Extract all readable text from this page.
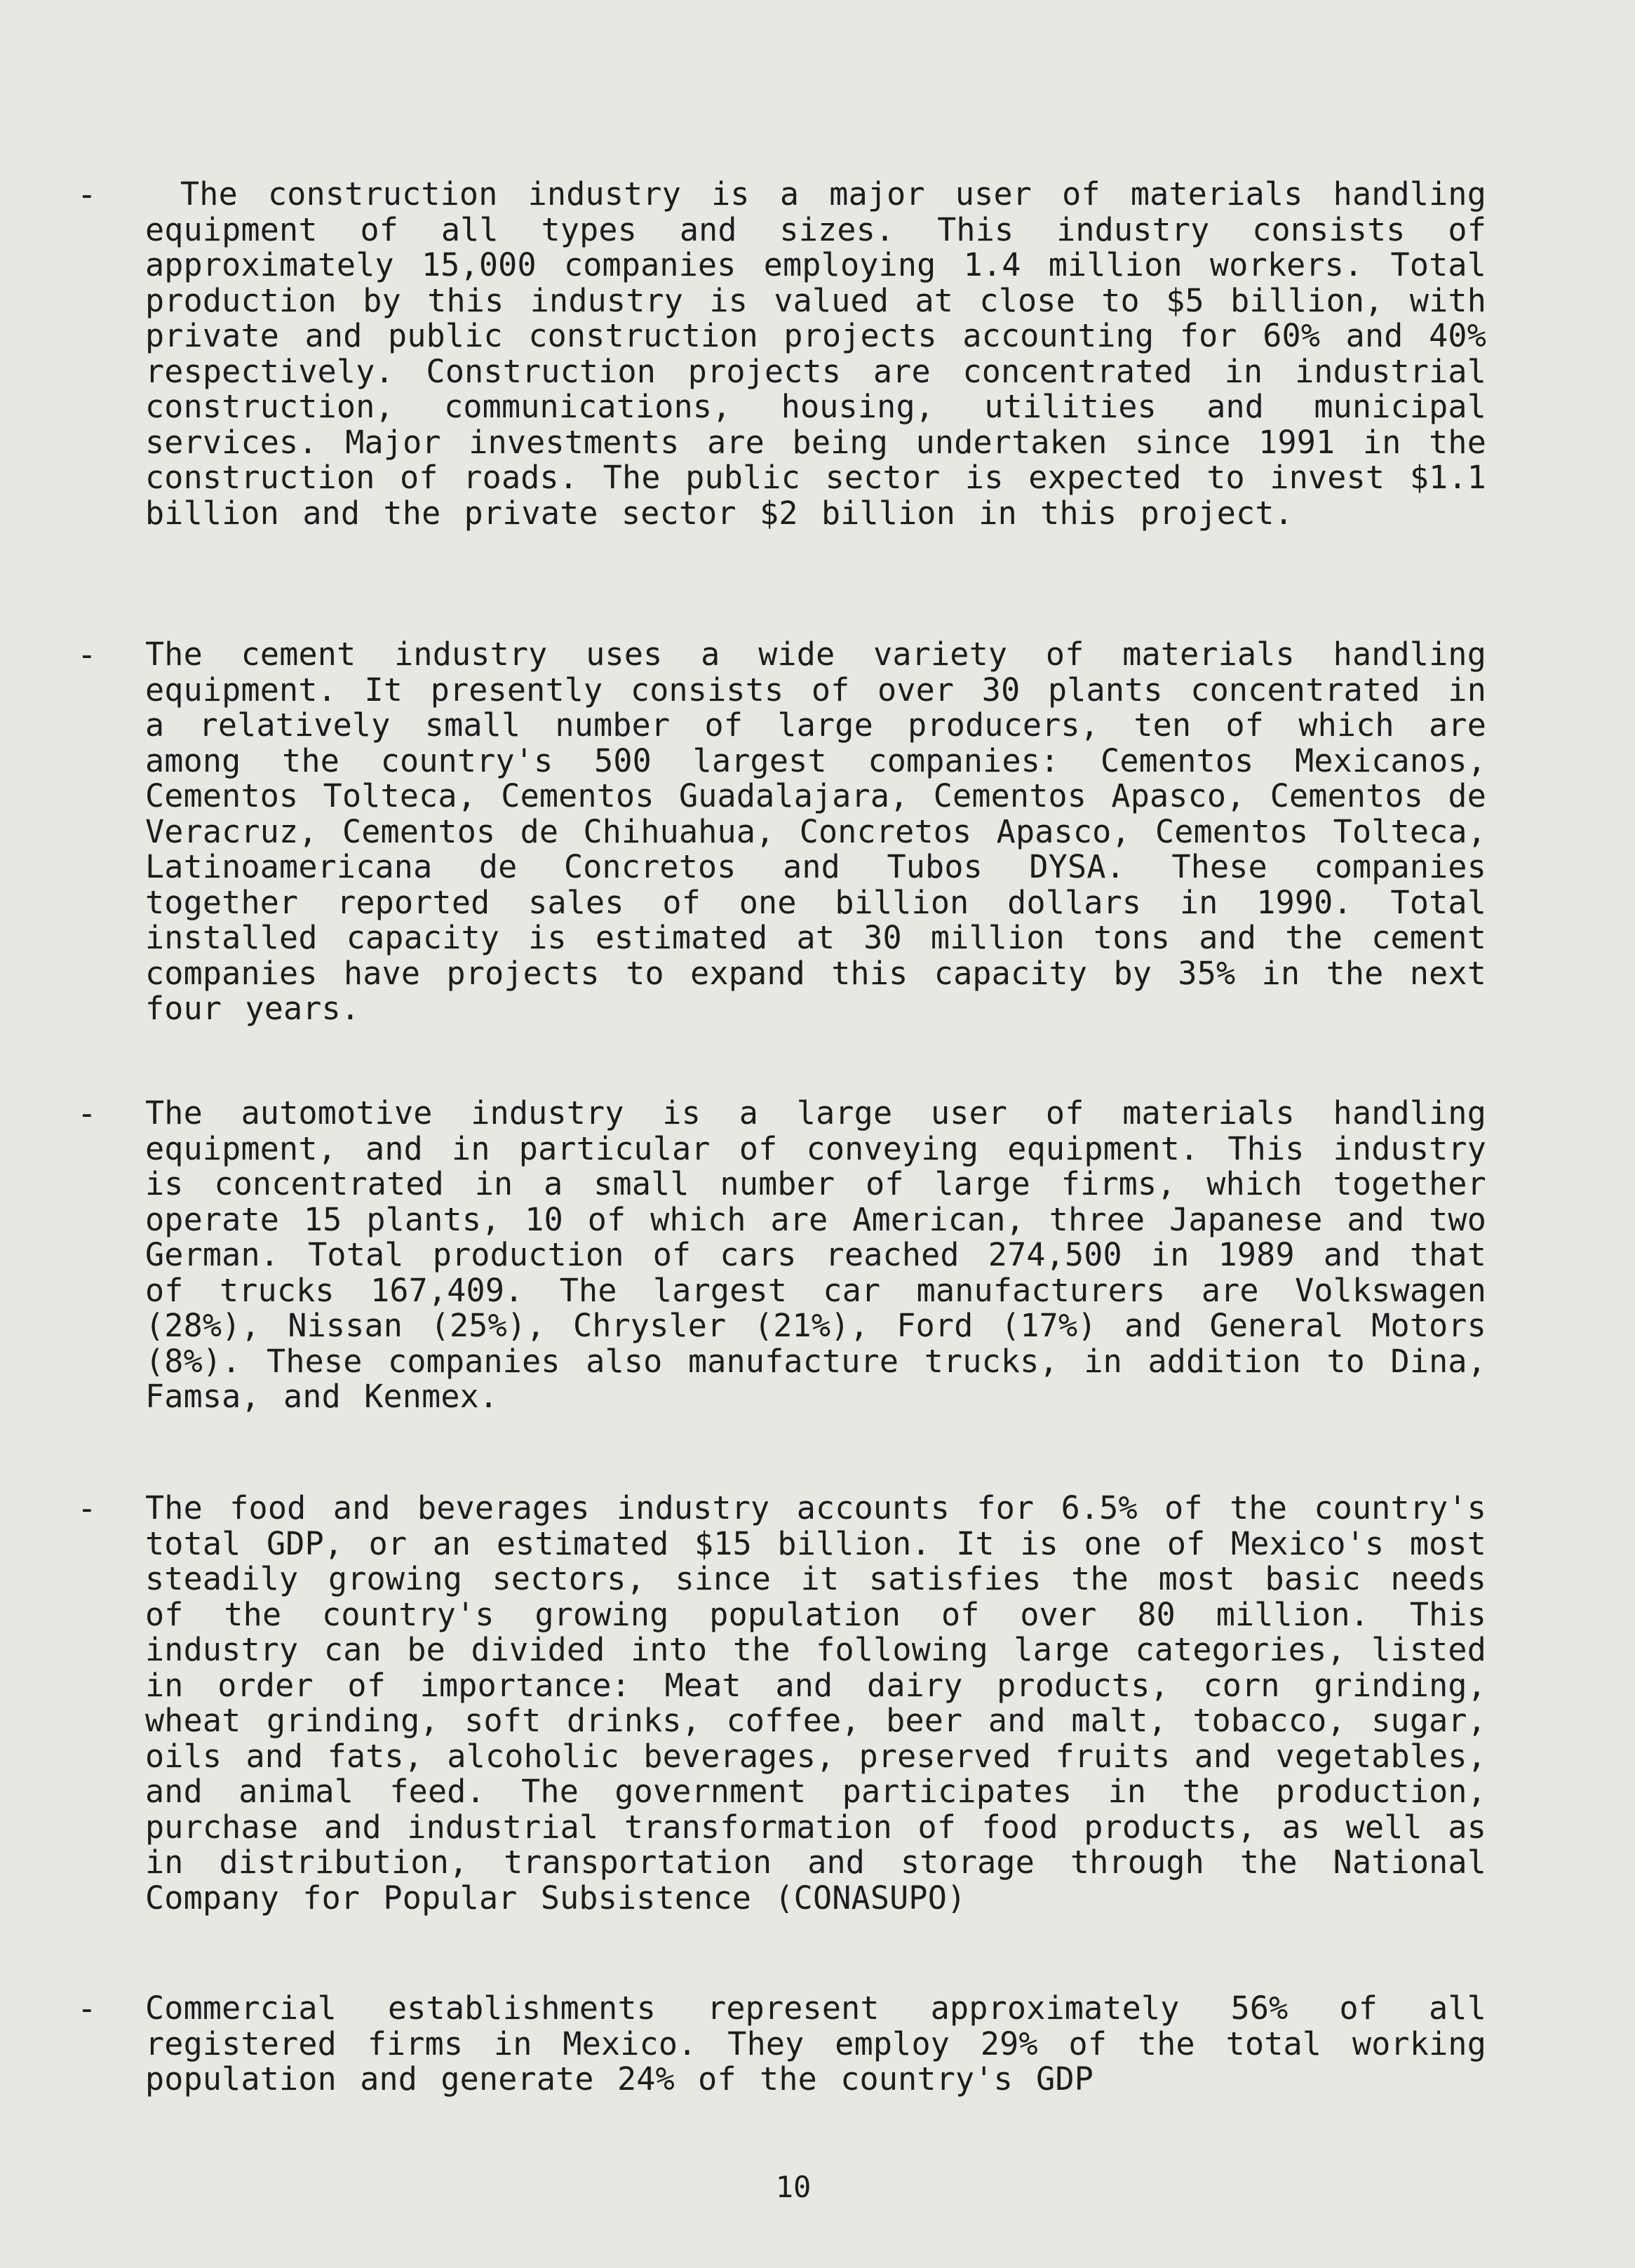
-	The construction industry is a major user of materials handling equipment of all types and sizes. This industry consists of approximately 15,000 companies employing 1.4 million workers. Total production by this industry is valued at close to $5 billion, with private and public construction projects accounting for 60% and 40% respectively. Construction projects are concentrated in industrial construction, communications, housing, utilities and municipal services. Major investments are being undertaken since 1991 in the construction of roads. The public sector is expected to invest $1.1 billion and the private sector $2 billion in this project.
- The cement industry uses a wide variety of materials handling equipment. It presently consists of over 30 plants concentrated in a relatively small number of large producers, ten of which are among the country's 500 largest companies: Cementos Mexicanos, Cementos Tolteca, Cementos Guadalajara, Cementos Apasco, Cementos de Veracruz, Cementos de Chihuahua, Concretos Apasco, Cementos Tolteca, Latinoamericana de Concretos and Tubos DYSA. These companies together reported sales of one billion dollars in 1990. Total installed capacity is estimated at 30 million tons and the cement companies have projects to expand this capacity by 35% in the next four years.
- The automotive industry is a large user of materials handling equipment, and in particular of conveying equipment. This industry is concentrated in a small number of large firms, which together operate 15 plants, 10 of which are American, three Japanese and two German. Total production of cars reached 274,500 in 1989 and that of trucks 167,409. The largest car manufacturers are Volkswagen (28%), Nissan (25%), Chrysler (21%), Ford (17%) and General Motors (8%). These companies also manufacture trucks, in addition to Dina, Famsa, and Kenmex.
- The food and beverages industry accounts for 6.5% of the country's total GDP, or an estimated $15 billion. It is one of Mexico's most steadily growing sectors, since it satisfies the most basic needs of the country's growing population of over 80 million. This industry can be divided into the following large categories, listed in order of importance: Meat and dairy products, corn grinding, wheat grinding, soft drinks, coffee, beer and malt, tobacco, sugar, oils and fats, alcoholic beverages, preserved fruits and vegetables, and animal feed. The government participates in the production, purchase and industrial transformation of food products, as well as in distribution, transportation and storage through the National Company for Popular Subsistence (CONASUPO)
- Commercial establishments represent approximately 56% of all registered firms in Mexico. They employ 29% of the total working population and generate 24% of the country's GDP
10
